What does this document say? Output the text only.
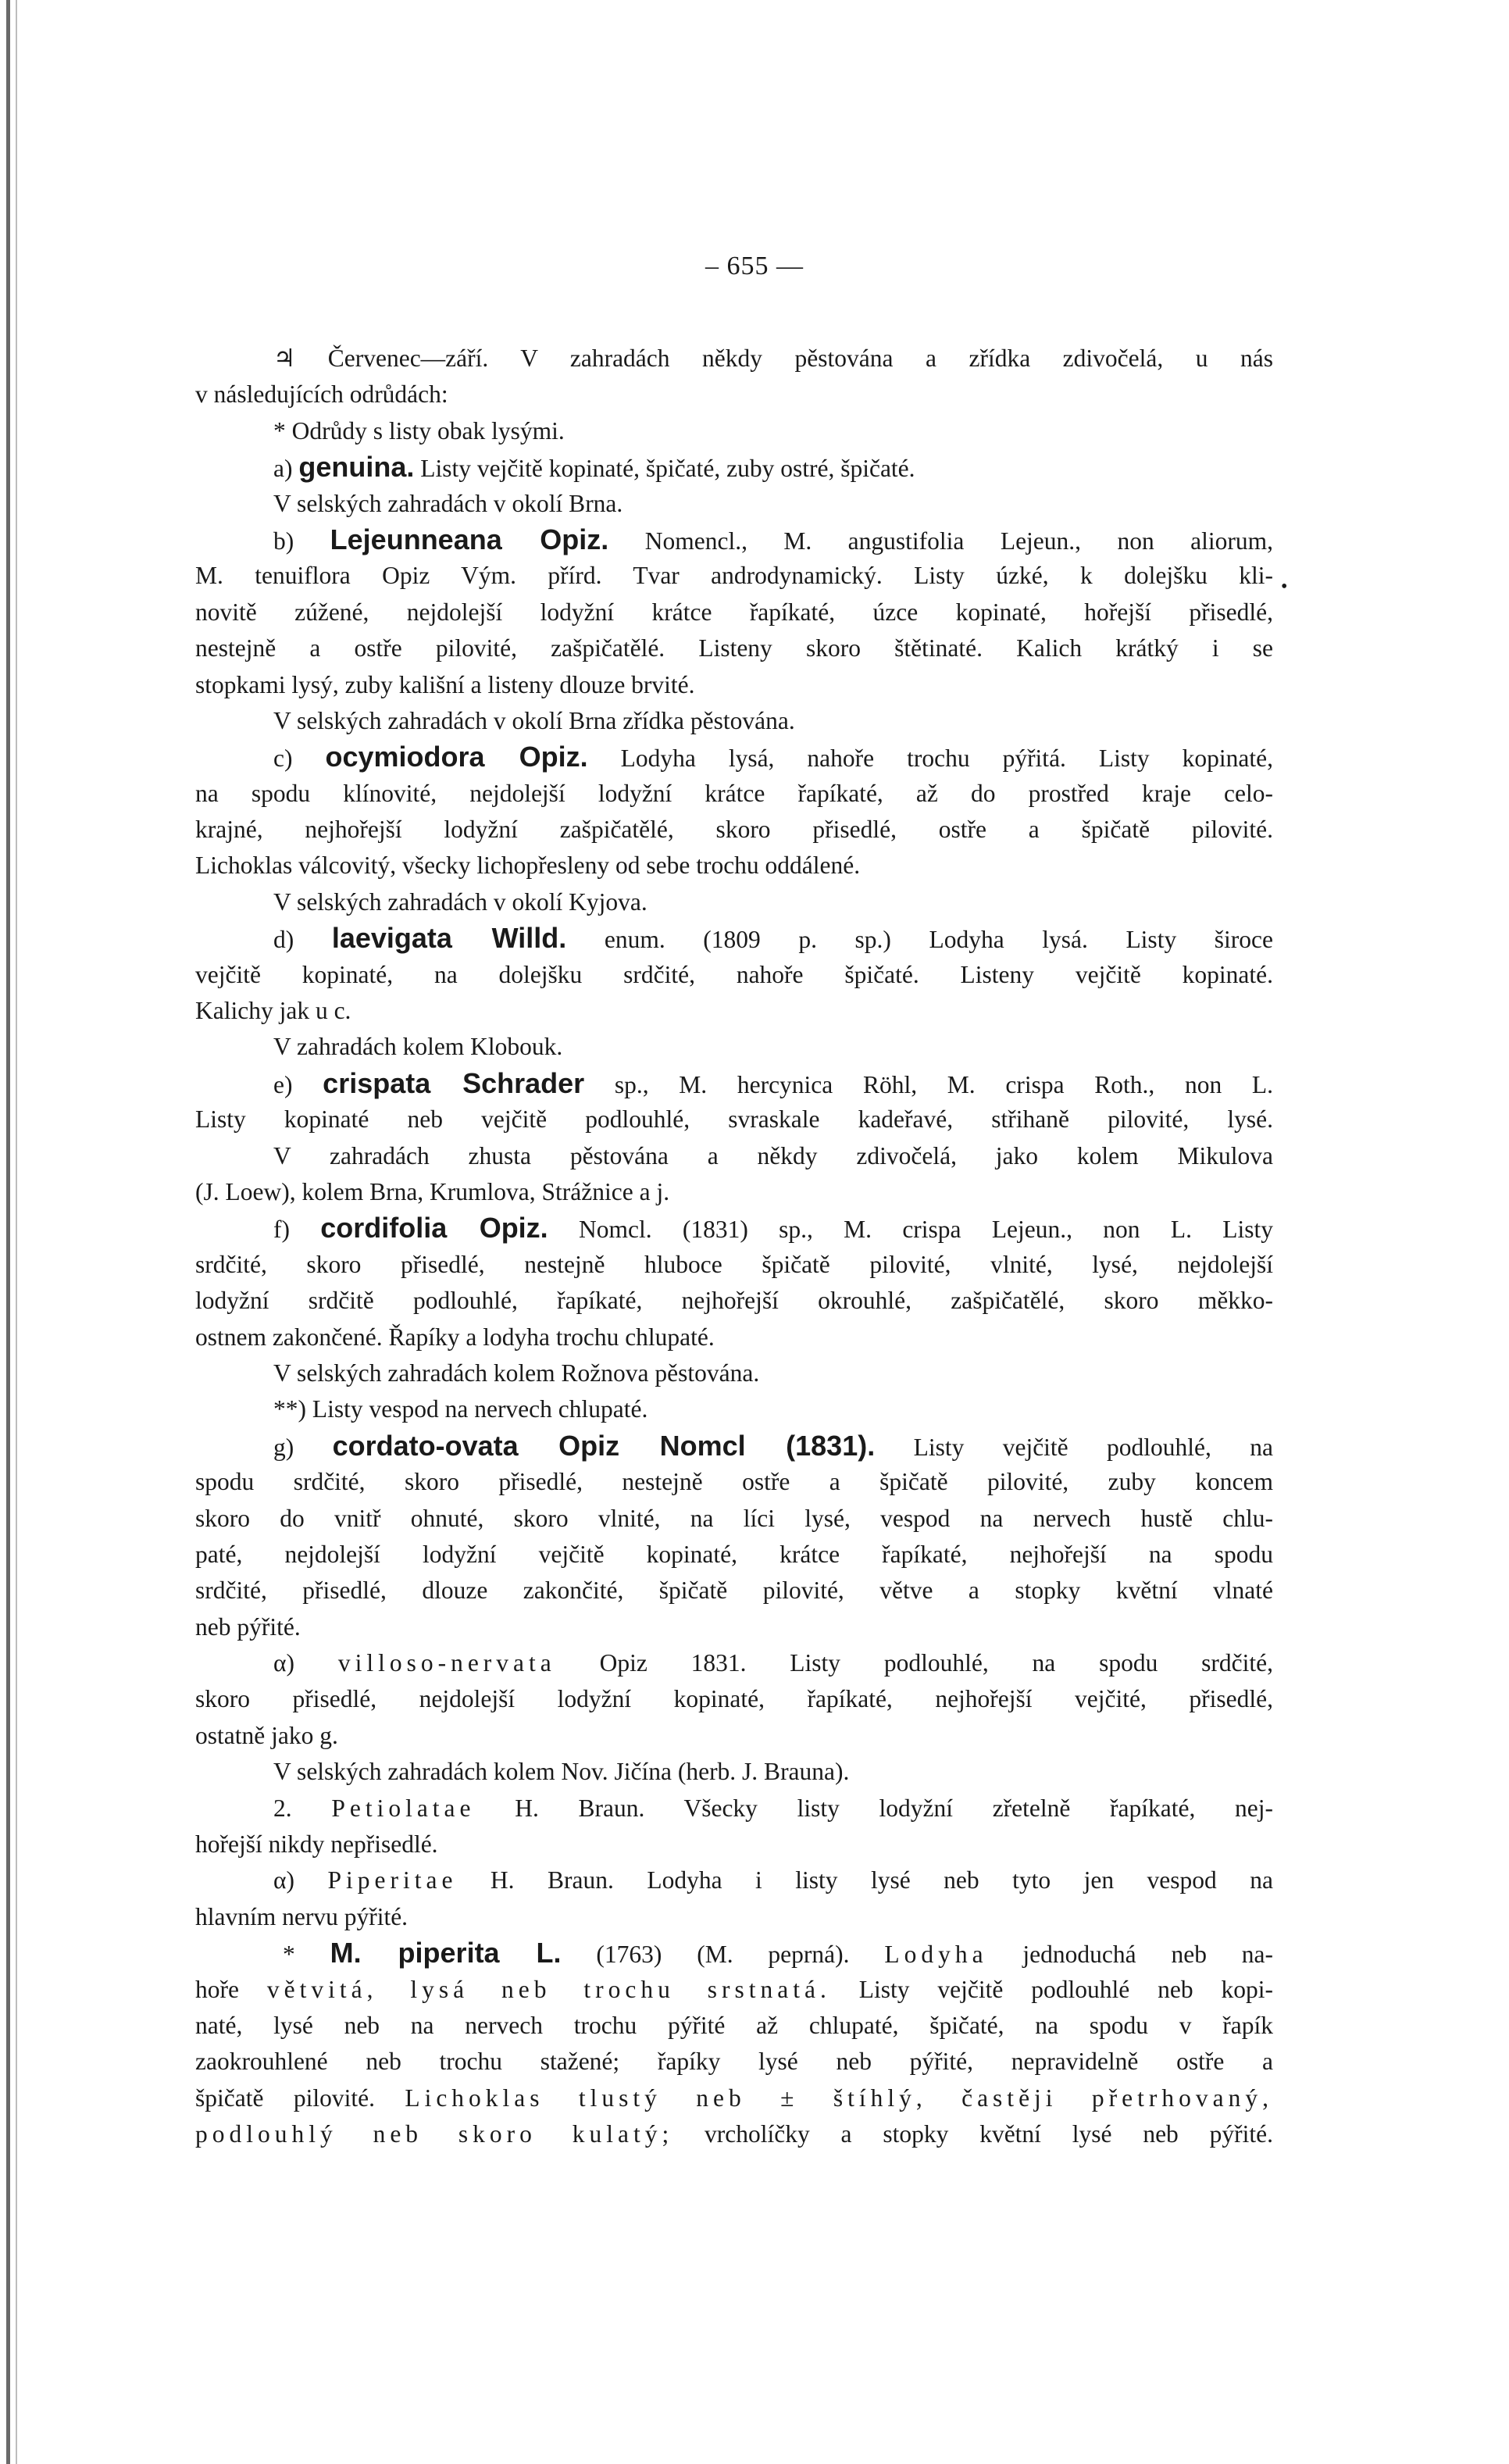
– 655 —
•
♃ Červenec—září. V zahradách někdy pěstována a zřídka zdivočelá, u nás
v následujících odrůdách:
* Odrůdy s listy obak lysými.
a) genuina. Listy vejčitě kopinaté, špičaté, zuby ostré, špičaté.
V selských zahradách v okolí Brna.
b) Lejeunneana Opiz. Nomencl., M. angustifolia Lejeun., non aliorum,
M. tenuiflora Opiz Vým. přírd. Tvar androdynamický. Listy úzké, k dolejšku kli-
novitě zúžené, nejdolejší lodyžní krátce řapíkaté, úzce kopinaté, hořejší přisedlé,
nestejně a ostře pilovité, zašpičatělé. Listeny skoro štětinaté. Kalich krátký i se
stopkami lysý, zuby kališní a listeny dlouze brvité.
V selských zahradách v okolí Brna zřídka pěstována.
c) ocymiodora Opiz. Lodyha lysá, nahoře trochu pýřitá. Listy kopinaté,
na spodu klínovité, nejdolejší lodyžní krátce řapíkaté, až do prostřed kraje celo-
krajné, nejhořejší lodyžní zašpičatělé, skoro přisedlé, ostře a špičatě pilovité.
Lichoklas válcovitý, všecky lichopřesleny od sebe trochu oddálené.
V selských zahradách v okolí Kyjova.
d) laevigata Willd. enum. (1809 p. sp.) Lodyha lysá. Listy široce
vejčitě kopinaté, na dolejšku srdčité, nahoře špičaté. Listeny vejčitě kopinaté.
Kalichy jak u c.
V zahradách kolem Klobouk.
e) crispata Schrader sp., M. hercynica Röhl, M. crispa Roth., non L.
Listy kopinaté neb vejčitě podlouhlé, svraskale kadeřavé, střihaně pilovité, lysé.
V zahradách zhusta pěstována a někdy zdivočelá, jako kolem Mikulova
(J. Loew), kolem Brna, Krumlova, Strážnice a j.
f) cordifolia Opiz. Nomcl. (1831) sp., M. crispa Lejeun., non L. Listy
srdčité, skoro přisedlé, nestejně hluboce špičatě pilovité, vlnité, lysé, nejdolejší
lodyžní srdčitě podlouhlé, řapíkaté, nejhořejší okrouhlé, zašpičatělé, skoro měkko-
ostnem zakončené. Řapíky a lodyha trochu chlupaté.
V selských zahradách kolem Rožnova pěstována.
**) Listy vespod na nervech chlupaté.
g) cordato-ovata Opiz Nomcl (1831). Listy vejčitě podlouhlé, na
spodu srdčité, skoro přisedlé, nestejně ostře a špičatě pilovité, zuby koncem
skoro do vnitř ohnuté, skoro vlnité, na líci lysé, vespod na nervech hustě chlu-
paté, nejdolejší lodyžní vejčitě kopinaté, krátce řapíkaté, nejhořejší na spodu
srdčité, přisedlé, dlouze zakončité, špičatě pilovité, větve a stopky květní vlnaté
neb pýřité.
α) villoso-nervata Opiz 1831. Listy podlouhlé, na spodu srdčité,
skoro přisedlé, nejdolejší lodyžní kopinaté, řapíkaté, nejhořejší vejčité, přisedlé,
ostatně jako g.
V selských zahradách kolem Nov. Jičína (herb. J. Brauna).
2. Petiolatae H. Braun. Všecky listy lodyžní zřetelně řapíkaté, nej-
hořejší nikdy nepřisedlé.
α) Piperitae H. Braun. Lodyha i listy lysé neb tyto jen vespod na
hlavním nervu pýřité.
* M. piperita L. (1763) (M. peprná). Lodyha jednoduchá neb na-
hoře větvitá, lysá neb trochu srstnatá. Listy vejčitě podlouhlé neb kopi-
naté, lysé neb na nervech trochu pýřité až chlupaté, špičaté, na spodu v řapík
zaokrouhlené neb trochu stažené; řapíky lysé neb pýřité, nepravidelně ostře a
špičatě pilovité. Lichoklas tlustý neb ± štíhlý, častěji přetrhovaný,
podlouhlý neb skoro kulatý; vrcholíčky a stopky květní lysé neb pýřité.
